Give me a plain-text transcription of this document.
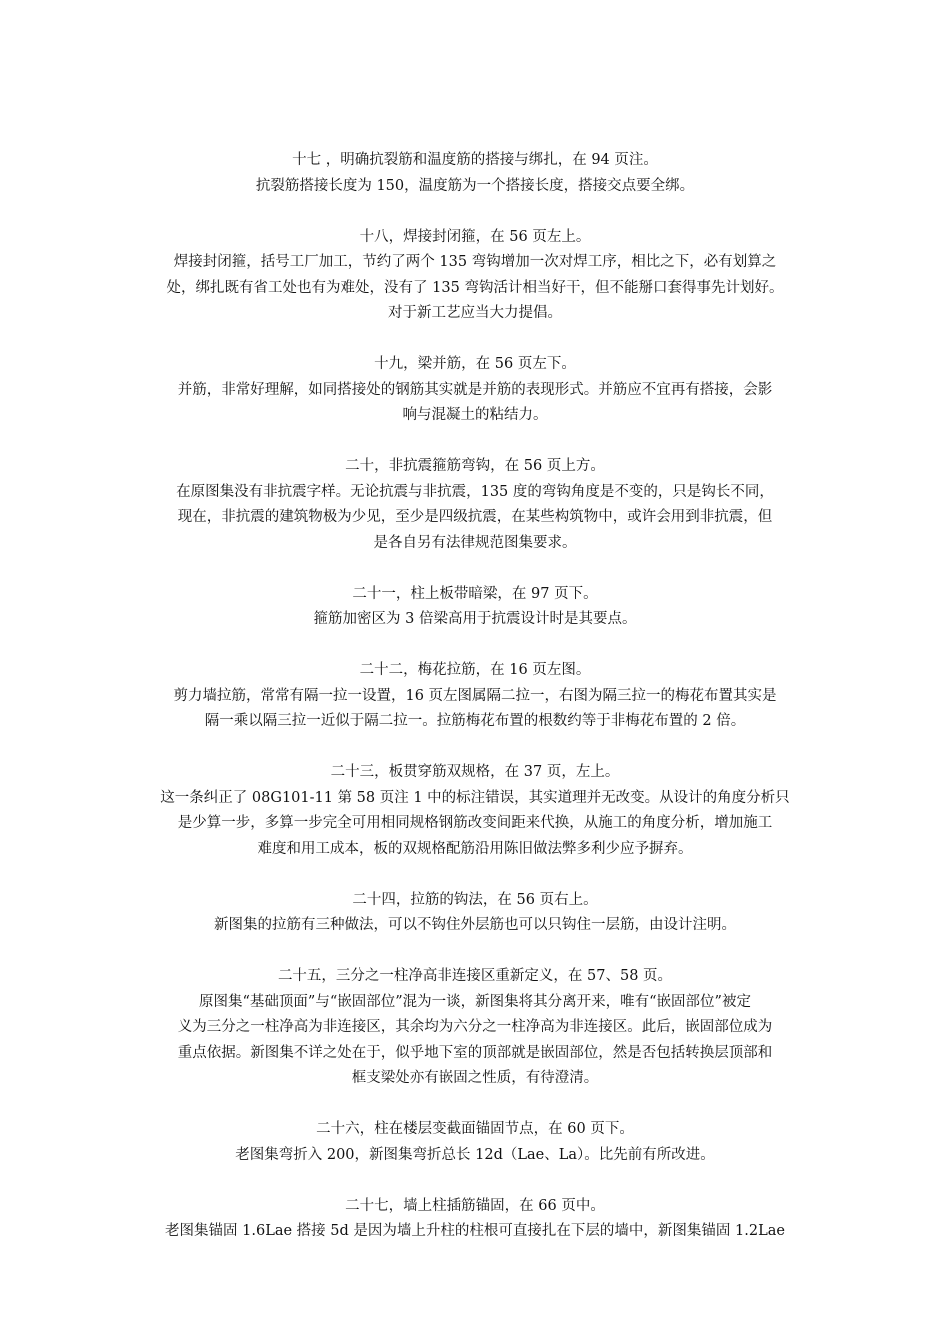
十七 ，明确抗裂筋和温度筋的搭接与绑扎，在 94 页注。

抗裂筋搭接长度为 150，温度筋为一个搭接长度，搭接交点要全绑。

十八，焊接封闭箍，在 56 页左上。

焊接封闭箍，括号工厂加工，节约了两个 135 弯钩增加一次对焊工序，相比之下，必有划算之

处，绑扎既有省工处也有为难处，没有了 135 弯钩活计相当好干，但不能掰口套得事先计划好。

对于新工艺应当大力提倡。

十九，梁并筋，在 56 页左下。

并筋，非常好理解，如同搭接处的钢筋其实就是并筋的表现形式。并筋应不宜再有搭接，会影

响与混凝土的粘结力。

二十，非抗震箍筋弯钩，在 56 页上方。

在原图集没有非抗震字样。无论抗震与非抗震，135 度的弯钩角度是不变的，只是钩长不同，

现在，非抗震的建筑物极为少见，至少是四级抗震，在某些构筑物中，或许会用到非抗震，但

是各自另有法律规范图集要求。

二十一，柱上板带暗梁，在 97 页下。

箍筋加密区为 3 倍梁高用于抗震设计时是其要点。

二十二，梅花拉筋，在 16 页左图。

剪力墙拉筋，常常有隔一拉一设置，16 页左图属隔二拉一，右图为隔三拉一的梅花布置其实是

隔一乘以隔三拉一近似于隔二拉一。拉筋梅花布置的根数约等于非梅花布置的 2 倍。

二十三，板贯穿筋双规格，在 37 页，左上。

这一条纠正了 08G101-11 第 58 页注 1 中的标注错误，其实道理并无改变。从设计的角度分析只

是少算一步，多算一步完全可用相同规格钢筋改变间距来代换，从施工的角度分析，增加施工

难度和用工成本，板的双规格配筋沿用陈旧做法弊多利少应予摒弃。

二十四，拉筋的钩法，在 56 页右上。

新图集的拉筋有三种做法，可以不钩住外层筋也可以只钩住一层筋，由设计注明。

二十五，三分之一柱净高非连接区重新定义，在 57、58 页。

原图集“基础顶面”与“嵌固部位”混为一谈，新图集将其分离开来，唯有“嵌固部位”被定

义为三分之一柱净高为非连接区，其余均为六分之一柱净高为非连接区。此后，嵌固部位成为

重点依据。新图集不详之处在于，似乎地下室的顶部就是嵌固部位，然是否包括转换层顶部和

框支梁处亦有嵌固之性质，有待澄清。

二十六，柱在楼层变截面锚固节点，在 60 页下。

老图集弯折入 200，新图集弯折总长 12d（Lae、La）。比先前有所改进。

二十七，墙上柱插筋锚固，在 66 页中。

老图集锚固 1.6Lae 搭接 5d 是因为墙上升柱的柱根可直接扎在下层的墙中，新图集锚固 1.2Lae
